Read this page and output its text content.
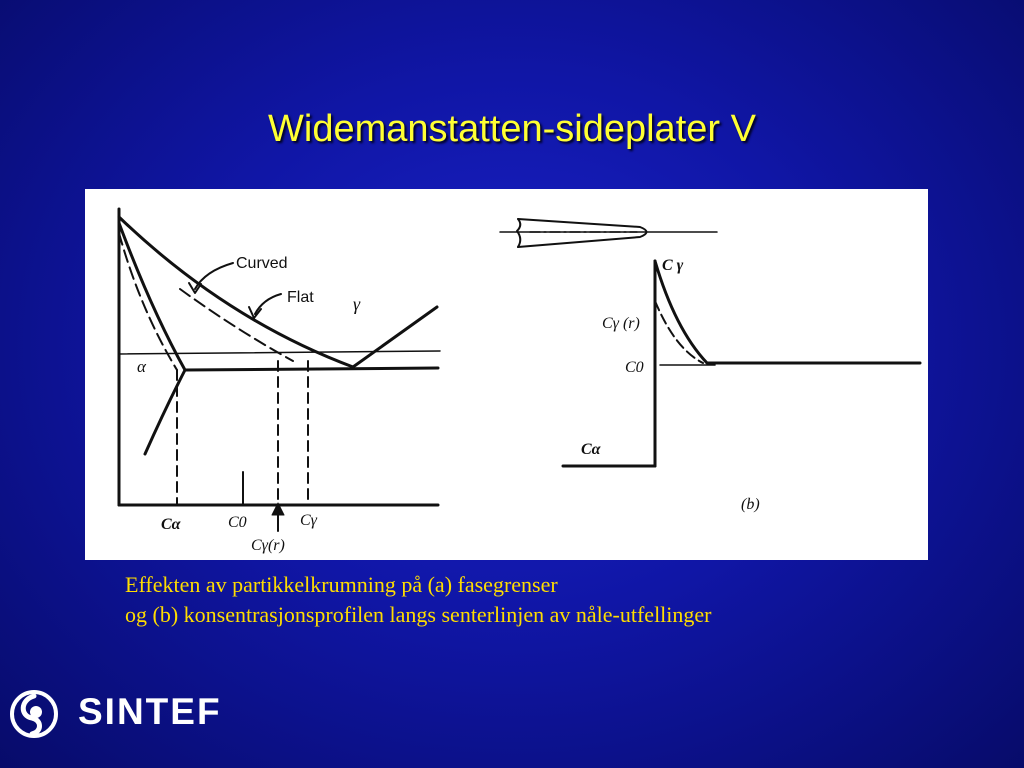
Widemanstatten-sideplater V
Curved
Flat γ
α
Cα	C0	Cγ
Cγ(r)
C γ
Cγ (r)
C0
Cα
(b)
Effekten av partikkelkrumning på (a) fasegrenser
og (b) konsentrasjonsprofilen langs senterlinjen av nåle-utfellinger
SINTEF
